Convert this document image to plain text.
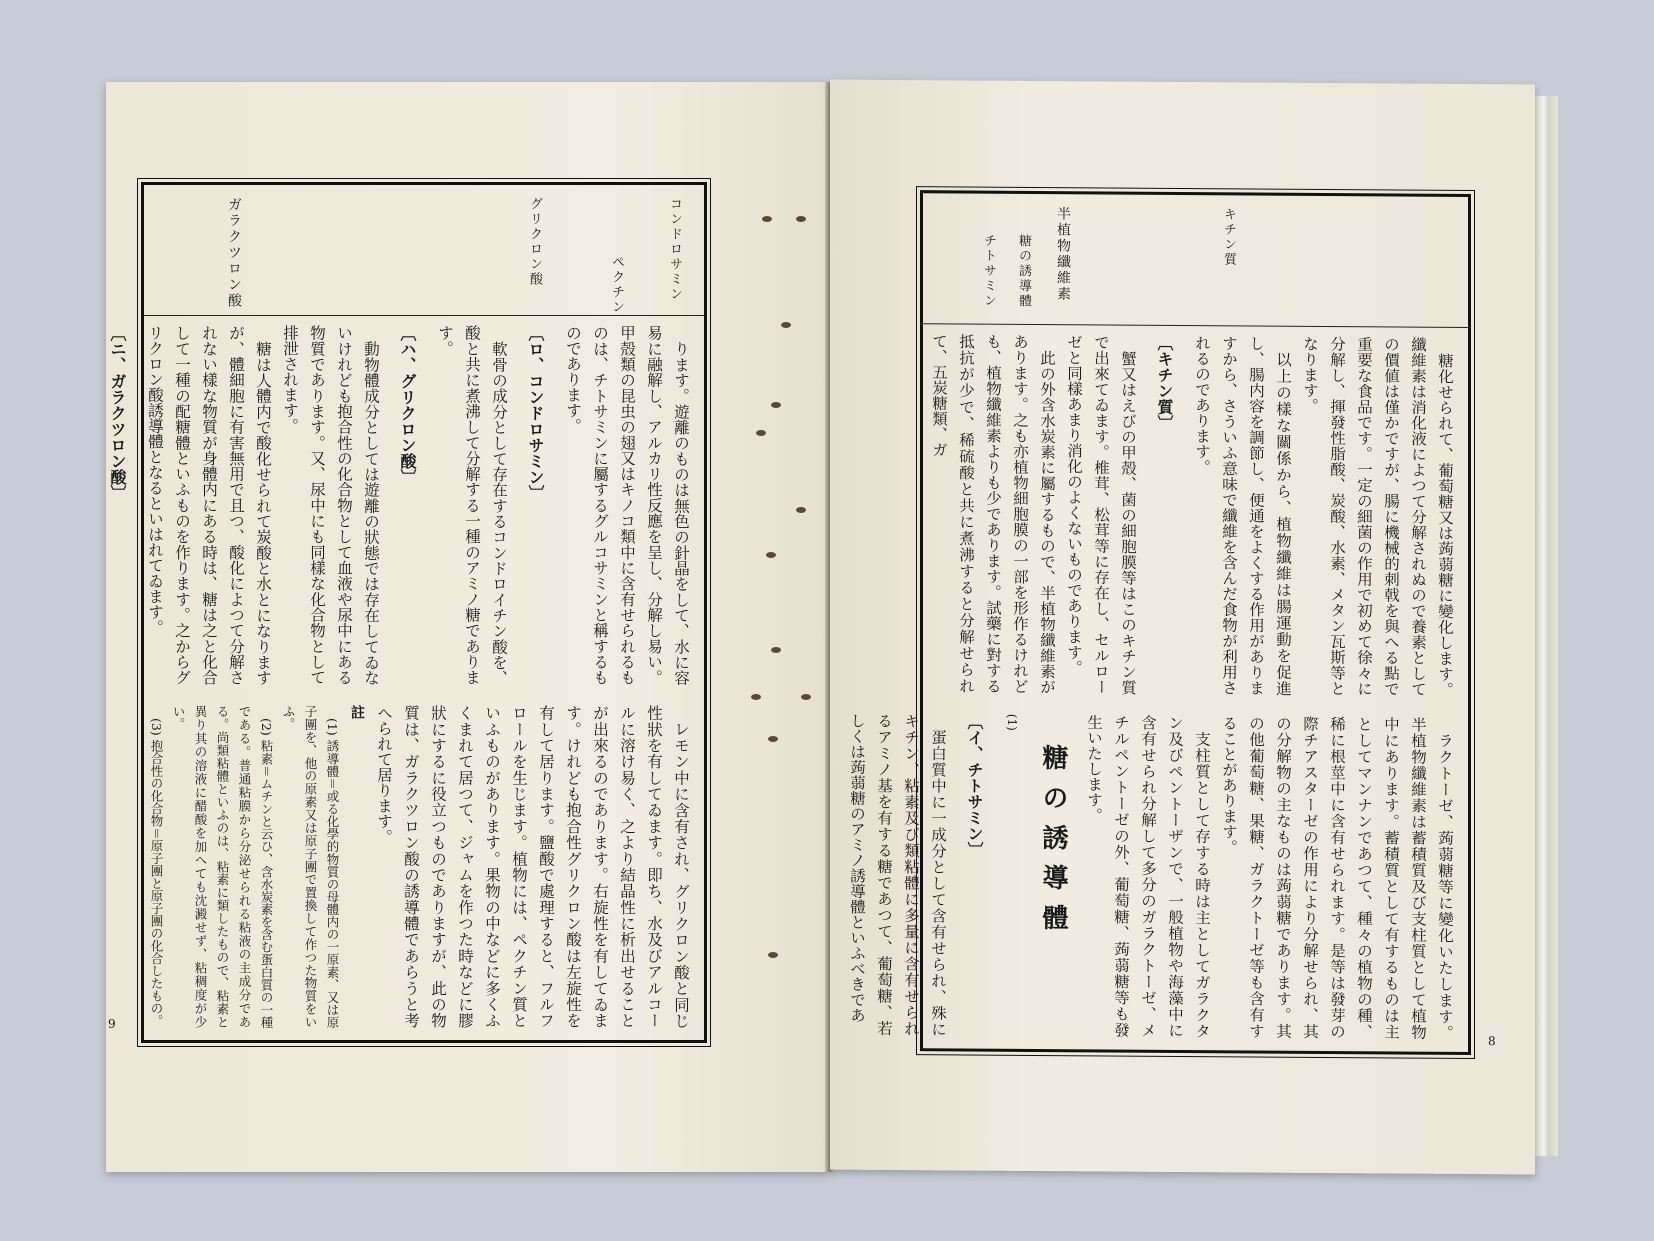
コンドロサミン
ペクチン
グリクロン酸
ガラクツロン酸

ります。遊離のものは無色の針晶をして、水に容易に融解し、アルカリ性反應を呈し、分解し易い。甲殻類の昆虫の翅又はキノコ類中に含有せられるものは、チトサミンに屬するグルコサミンと稱するものであります。

〔ロ、コンドロサミン〕

軟骨の成分として存在するコンドロイチン酸を、酸と共に煮沸して分解する一種のアミノ糖であります。

〔ハ、グリクロン酸〕

動物體成分としては遊離の狀態では存在してゐないけれども抱合性の化合物として血液や尿中にある物質であります。又、尿中にも同樣な化合物として排泄されます。

糖は人體内で酸化せられて炭酸と水とになりますが、體細胞に有害無用で且つ、酸化によつて分解されない樣な物質が身體内にある時は、糖は之と化合して一種の配糖體といふものを作ります。之からグリクロン酸誘導體となるといはれてゐます。

〔ニ、ガラクツロン酸〕

レモン中に含有され、グリクロン酸と同じ性狀を有してゐます。即ち、水及びアルコールに溶け易く、之より結晶性に析出せることが出來るのであります。右旋性を有してゐます。けれども抱合性グリクロン酸は左旋性を有して居ります。鹽酸で處理すると、フルフロールを生じます。植物には、ペクチン質といふものがあります。果物の中などに多くふくまれて居つて、ジャムを作つた時などに膠狀にするに役立つものでありますが、此の物質は、ガラクツロン酸の誘導體であらうと考へられて居ります。

註

(1) 誘導體＝或る化學的物質の母體内の一原素、又は原子團を、他の原素又は原子團で置換して作つた物質をいふ。

(2) 粘素＝ムチンと云ひ、含水炭素を含む蛋白質の一種である。普通粘膜から分泌せられる粘液の主成分である。尚類粘體といふのは、粘素に類したもので、粘素と異り其の溶液に醋酸を加へても沈澱せず、粘稠度が少い。

(3) 抱合性の化合物＝原子團と原子團の化合したもの。

9
キチン質
半植物纖維素
糖の誘導體
チトサミン

糖化せられて、葡萄糖又は蒟蒻糖に變化します。纖維素は消化液によつて分解されぬので養素としての價値は僅かですが、腸に機械的刺戟を與へる點で重要な食品です。一定の細菌の作用で初めて徐々に分解し、揮發性脂酸、炭酸、水素、メタン瓦斯等となります。

以上の樣な關係から、植物纖維は腸運動を促進し、腸内容を調節し、便通をよくする作用がありますから、さういふ意味で纖維を含んだ食物が利用されるのであります。

〔キチン質〕

蟹又はえびの甲殻、菌の細胞膜等はこのキチン質で出來てゐます。椎茸、松茸等に存在し、セルローゼと同樣あまり消化のよくないものであります。

此の外含水炭素に屬するもので、半植物纖維素があります。之も亦植物細胞膜の一部を形作るけれども、植物纖維素よりも少であります。試藥に對する抵抗が少で、稀硫酸と共に煮沸すると分解せられて、五炭糖類、ガ

ラクトーゼ、蒟蒻糖等に變化いたします。半植物纖維素は蓄積質及び支柱質として植物中にあります。蓄積質として有するものは主としてマンナンであつて、種々の植物の種、稀に根莖中に含有せられます。是等は發芽の際チアスターゼの作用により分解せられ、其の分解物の主なものは蒟蒻糖であります。其の他葡萄糖、果糖、ガラクトーゼ等も含有することがあります。

支柱質として存する時は主としてガラクタン及びペントーザンで、一般植物や海藻中に含有せられ分解して多分のガラクトーゼ、メチルペントーゼの外、葡萄糖、蒟蒻糖等も發生いたします。

糖の誘導體
(1)
〔イ、チトサミン〕

蛋白質中に一成分として含有せられ、殊にキチン、粘素及び類粘體に多量に含有せられるアミノ基を有する糖であつて、葡萄糖、若しくは蒟蒻糖のアミノ誘導體といふべきであ

8
